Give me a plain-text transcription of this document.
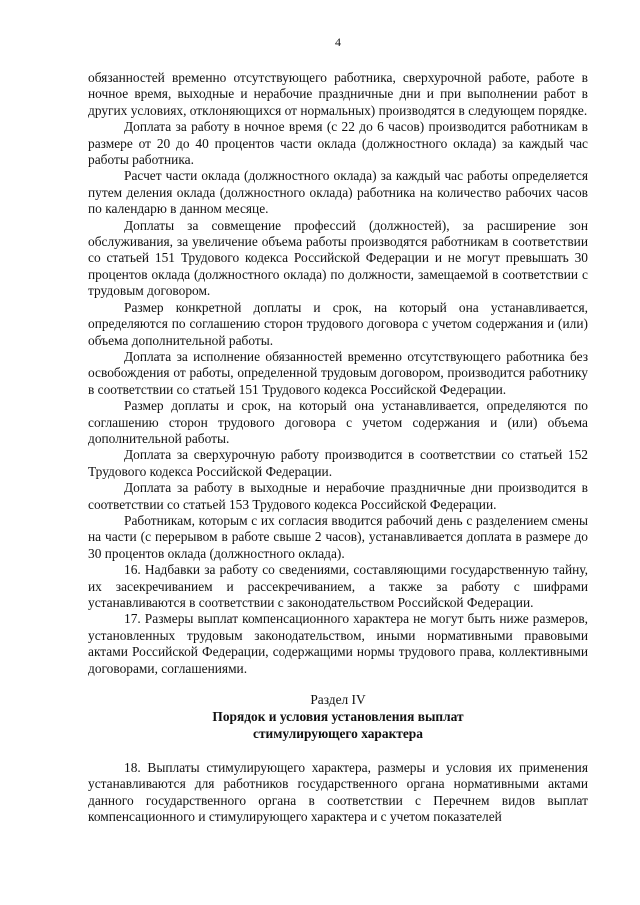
4

обязанностей временно отсутствующего работника, сверхурочной работе, работе в ночное время, выходные и нерабочие праздничные дни и при выполнении работ в других условиях, отклоняющихся от нормальных) производятся в следующем порядке.

Доплата за работу в ночное время (с 22 до 6 часов) производится работникам в размере от 20 до 40 процентов части оклада (должностного оклада) за каждый час работы работника.

Расчет части оклада (должностного оклада) за каждый час работы определяется путем деления оклада (должностного оклада) работника на количество рабочих часов по календарю в данном месяце.

Доплаты за совмещение профессий (должностей), за расширение зон обслуживания, за увеличение объема работы производятся работникам в соответствии со статьей 151 Трудового кодекса Российской Федерации и не могут превышать 30 процентов оклада (должностного оклада) по должности, замещаемой в соответствии с трудовым договором.

Размер конкретной доплаты и срок, на который она устанавливается, определяются по соглашению сторон трудового договора с учетом содержания и (или) объема дополнительной работы.

Доплата за исполнение обязанностей временно отсутствующего работника без освобождения от работы, определенной трудовым договором, производится работнику в соответствии со статьей 151 Трудового кодекса Российской Федерации.

Размер доплаты и срок, на который она устанавливается, определяются по соглашению сторон трудового договора с учетом содержания и (или) объема дополнительной работы.

Доплата за сверхурочную работу производится в соответствии со статьей 152 Трудового кодекса Российской Федерации.

Доплата за работу в выходные и нерабочие праздничные дни производится в соответствии со статьей 153 Трудового кодекса Российской Федерации.

Работникам, которым с их согласия вводится рабочий день с разделением смены на части (с перерывом в работе свыше 2 часов), устанавливается доплата в размере до 30 процентов оклада (должностного оклада).

16. Надбавки за работу со сведениями, составляющими государственную тайну, их засекречиванием и рассекречиванием, а также за работу с шифрами устанавливаются в соответствии с законодательством Российской Федерации.

17. Размеры выплат компенсационного характера не могут быть ниже размеров, установленных трудовым законодательством, иными нормативными правовыми актами Российской Федерации, содержащими нормы трудового права, коллективными договорами, соглашениями.

Раздел IV

Порядок и условия установления выплат

стимулирующего характера

18. Выплаты стимулирующего характера, размеры и условия их применения устанавливаются для работников государственного органа нормативными актами данного государственного органа в соответствии с Перечнем видов выплат компенсационного и стимулирующего характера и с учетом показателей
